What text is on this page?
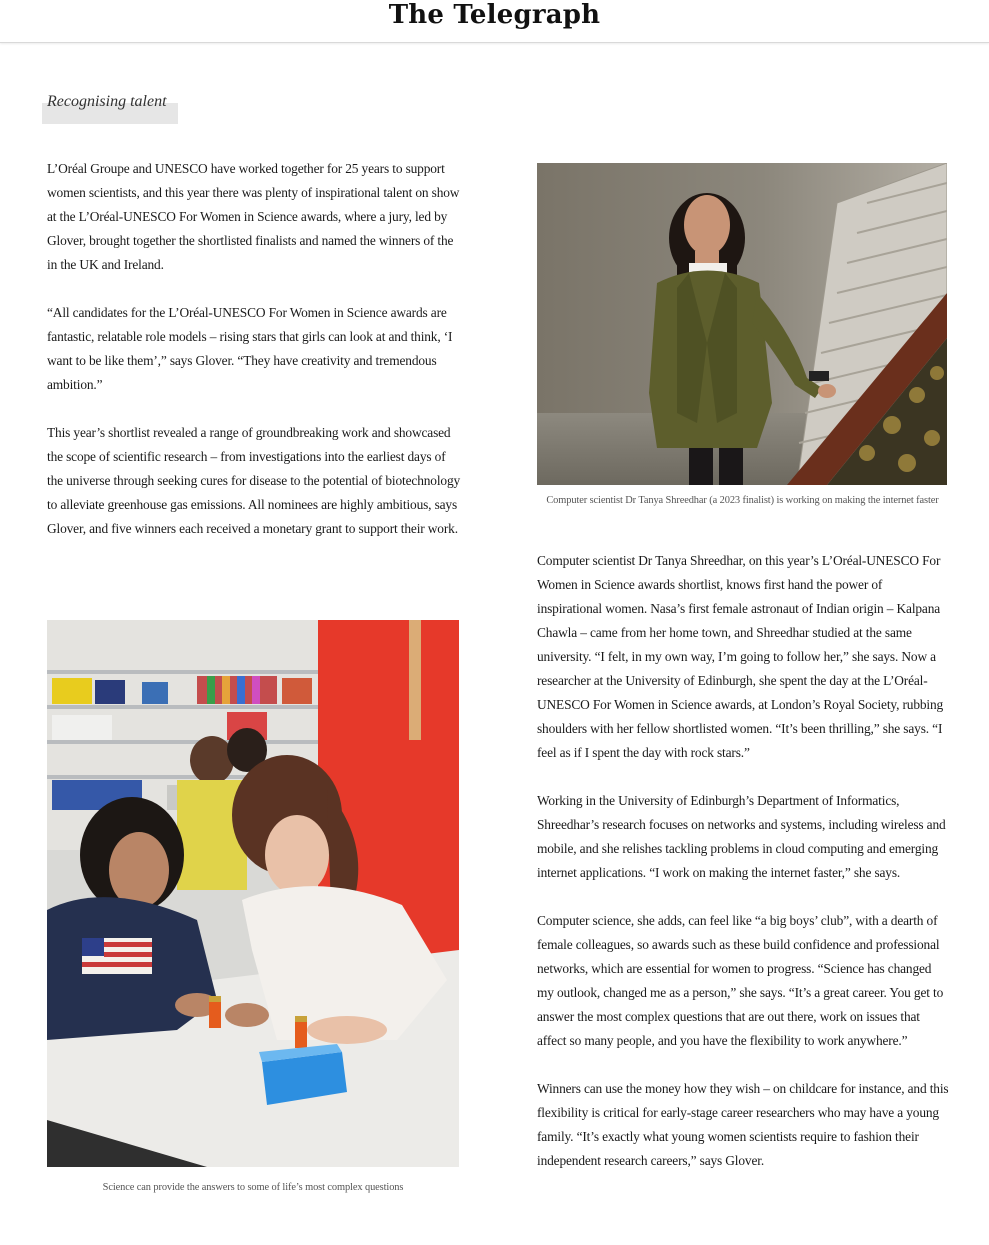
The Telegraph
Recognising talent

L’Oréal Groupe and UNESCO have worked together for 25 years to support women scientists, and this year there was plenty of inspirational talent on show at the L’Oréal-UNESCO For Women in Science awards, where a jury, led by Glover, brought together the shortlisted finalists and named the winners of the in the UK and Ireland.

“All candidates for the L’Oréal-UNESCO For Women in Science awards are fantastic, relatable role models – rising stars that girls can look at and think, ‘I want to be like them’,” says Glover. “They have creativity and tremendous ambition.”

This year’s shortlist revealed a range of groundbreaking work and showcased the scope of scientific research – from investigations into the earliest days of the universe through seeking cures for disease to the potential of biotechnology to alleviate greenhouse gas emissions. All nominees are highly ambitious, says Glover, and five winners each received a monetary grant to support their work.

Computer scientist Dr Tanya Shreedhar (a 2023 finalist) is working on making the internet faster

Computer scientist Dr Tanya Shreedhar, on this year’s L’Oréal-UNESCO For Women in Science awards shortlist, knows first hand the power of inspirational women. Nasa’s first female astronaut of Indian origin – Kalpana Chawla – came from her home town, and Shreedhar studied at the same university. “I felt, in my own way, I’m going to follow her,” she says. Now a researcher at the University of Edinburgh, she spent the day at the L’Oréal-UNESCO For Women in Science awards, at London’s Royal Society, rubbing shoulders with her fellow shortlisted women. “It’s been thrilling,” she says. “I feel as if I spent the day with rock stars.”

Working in the University of Edinburgh’s Department of Informatics, Shreedhar’s research focuses on networks and systems, including wireless and mobile, and she relishes tackling problems in cloud computing and emerging internet applications. “I work on making the internet faster,” she says.

Computer science, she adds, can feel like “a big boys’ club”, with a dearth of female colleagues, so awards such as these build confidence and professional networks, which are essential for women to progress. “Science has changed my outlook, changed me as a person,” she says. “It’s a great career. You get to answer the most complex questions that are out there, work on issues that affect so many people, and you have the flexibility to work anywhere.”

Winners can use the money how they wish – on childcare for instance, and this flexibility is critical for early-stage career researchers who may have a young family. “It’s exactly what young women scientists require to fashion their independent research careers,” says Glover.

Science can provide the answers to some of life’s most complex questions
